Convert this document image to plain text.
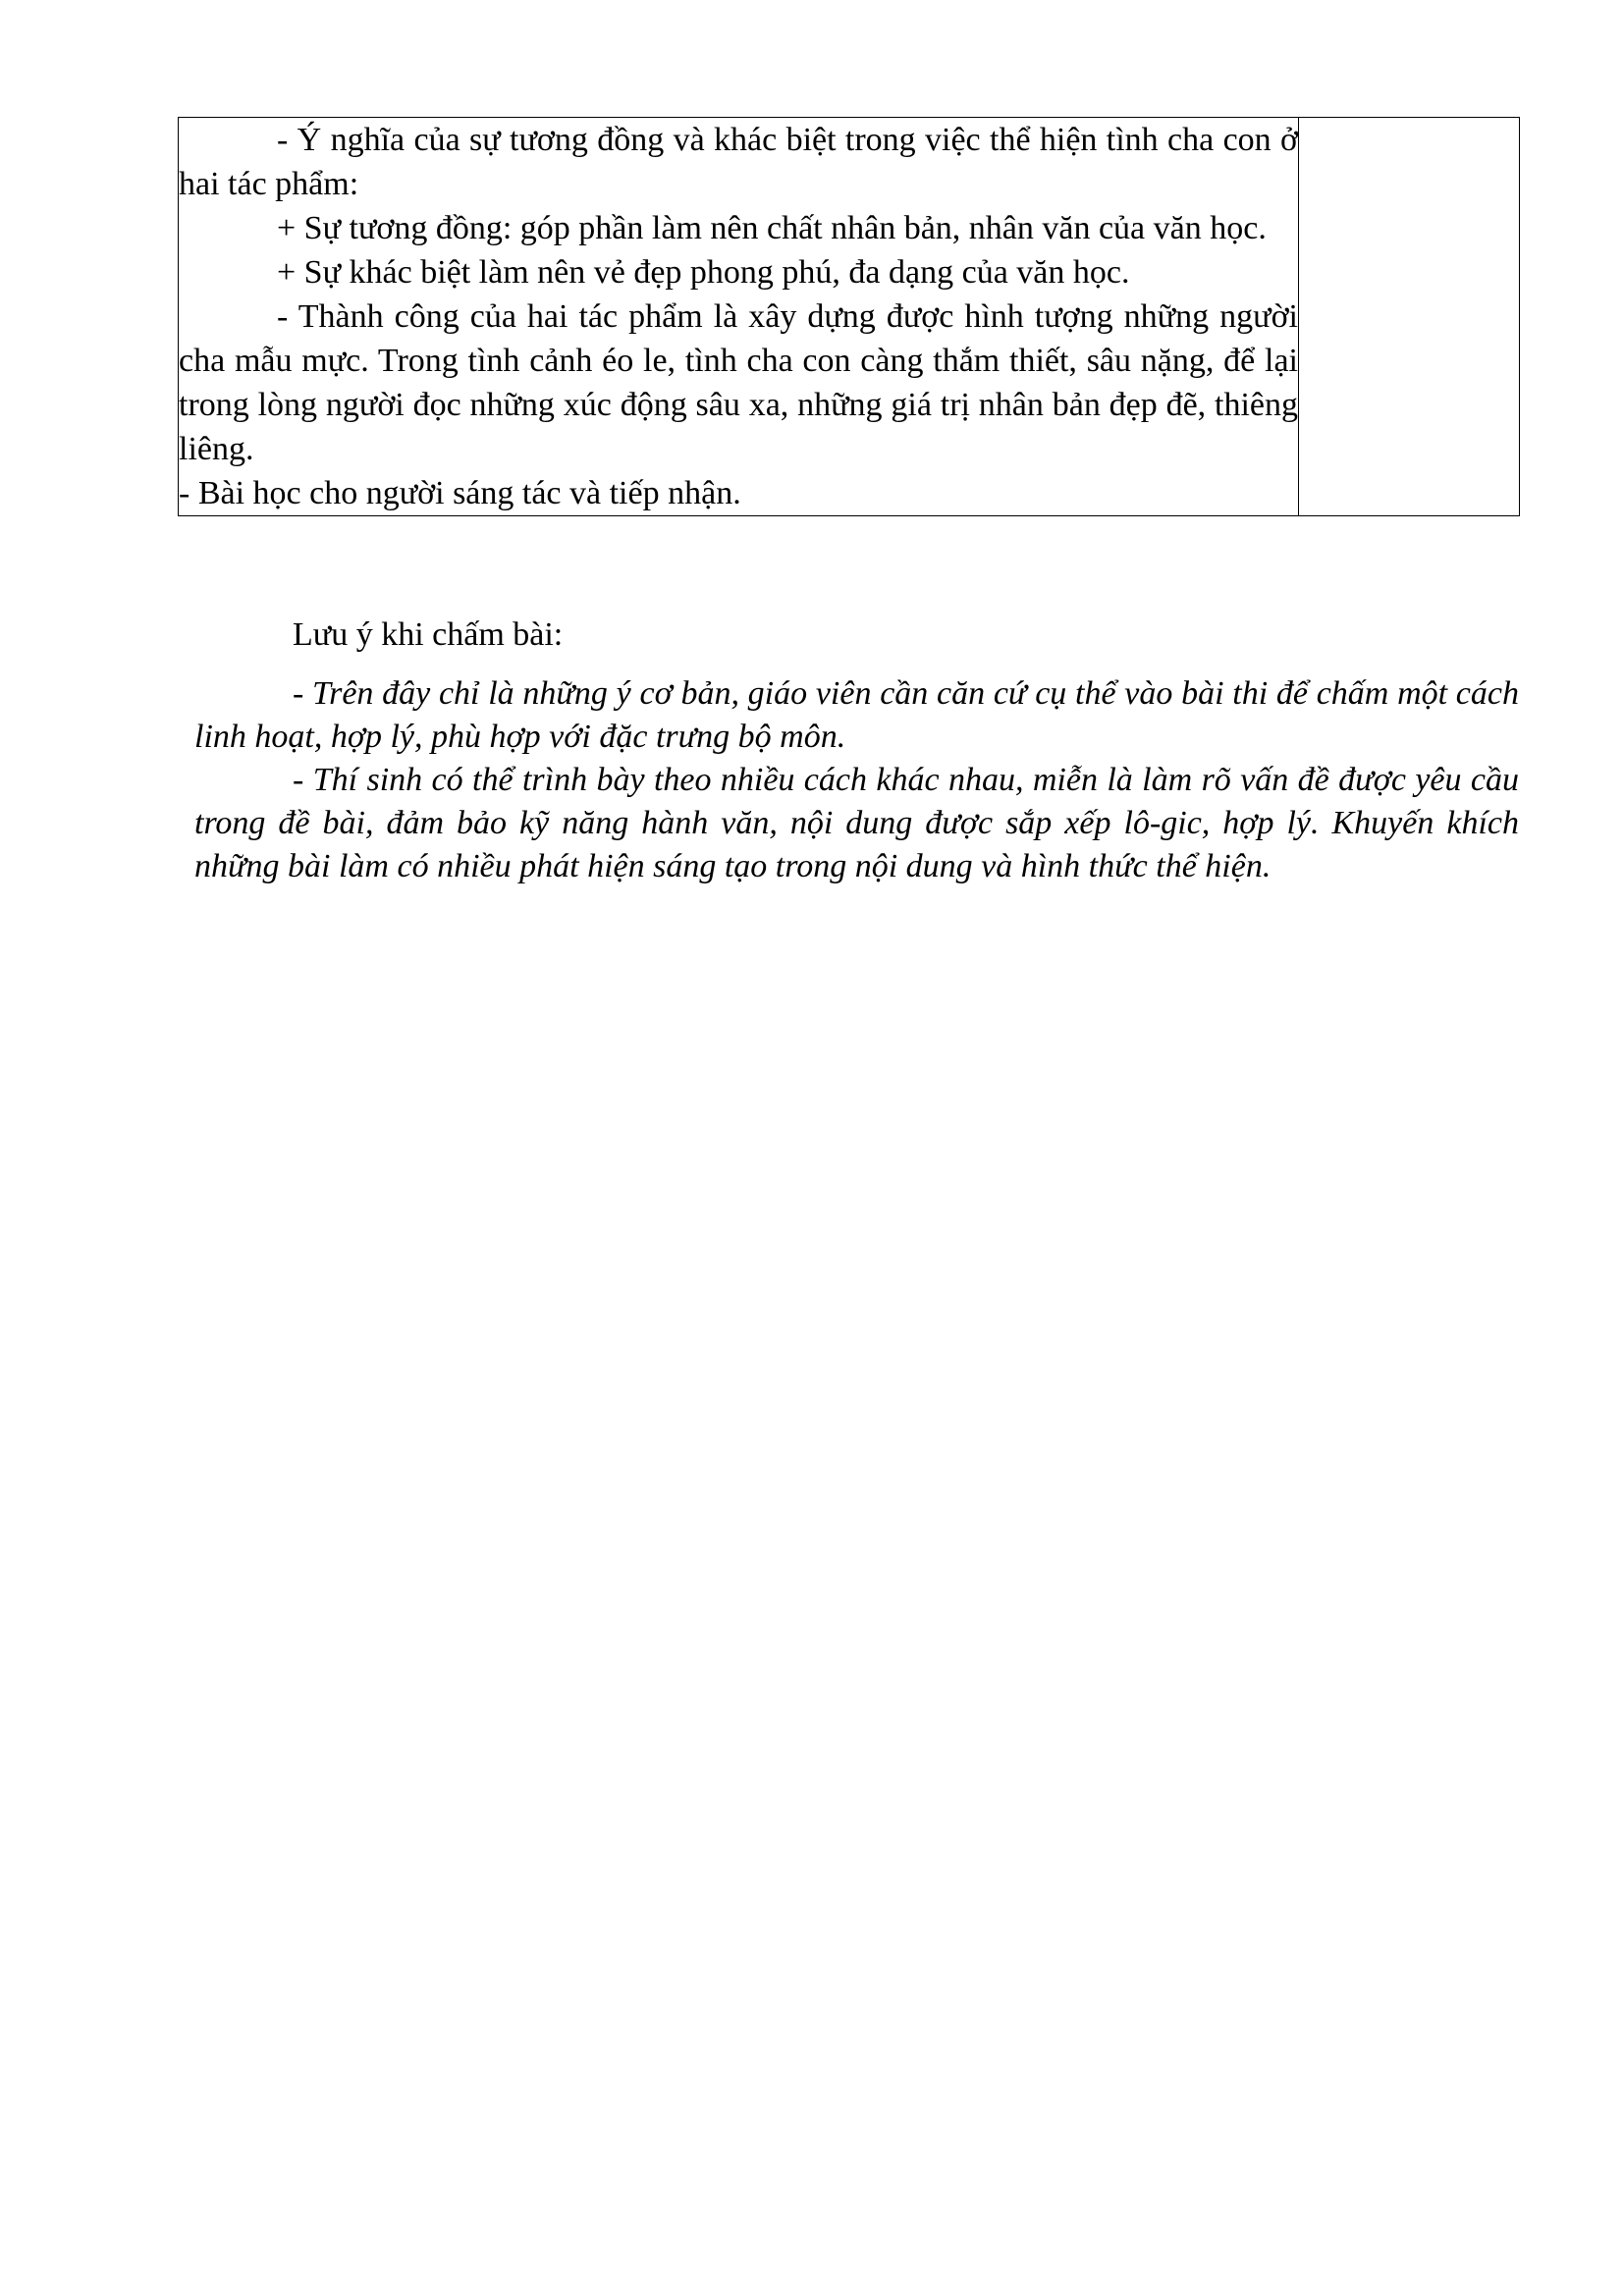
- Ý nghĩa của sự tương đồng và khác biệt trong việc thể hiện tình cha con ở hai tác phẩm:

+ Sự tương đồng: góp phần làm nên chất nhân bản, nhân văn của văn học.

+ Sự khác biệt làm nên vẻ đẹp phong phú, đa dạng của văn học.

- Thành công của hai tác phẩm là xây dựng được hình tượng những người cha mẫu mực. Trong tình cảnh éo le, tình cha con càng thắm thiết, sâu nặng, để lại trong lòng người đọc những xúc động sâu xa, những giá trị nhân bản đẹp đẽ, thiêng liêng.

- Bài học cho người sáng tác và tiếp nhận.

Lưu ý khi chấm bài:

- Trên đây chỉ là những ý cơ bản, giáo viên cần căn cứ cụ thể vào bài thi để chấm một cách linh hoạt, hợp lý, phù hợp với đặc trưng bộ môn.

- Thí sinh có thể trình bày theo nhiều cách khác nhau, miễn là làm rõ vấn đề được yêu cầu trong đề bài, đảm bảo kỹ năng hành văn, nội dung được sắp xếp lô-gic, hợp lý. Khuyến khích những bài làm có nhiều phát hiện sáng tạo trong nội dung và hình thức thể hiện.
